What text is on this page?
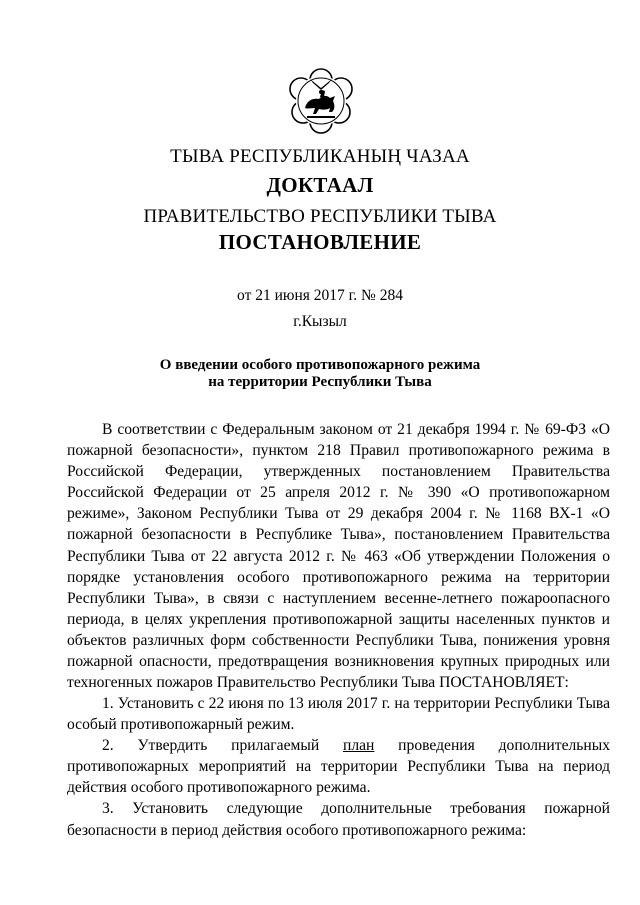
ТЫВА РЕСПУБЛИКАНЫҢ ЧАЗАА
ДОКТААЛ
ПРАВИТЕЛЬСТВО РЕСПУБЛИКИ ТЫВА
ПОСТАНОВЛЕНИЕ
от 21 июня 2017 г. № 284
г.Кызыл
О введении особого противопожарного режима
на территории Республики Тыва

В соответствии с Федеральным законом от 21 декабря 1994 г. № 69-ФЗ «О пожарной безопасности», пунктом 218 Правил противопожарного режима в Российской Федерации, утвержденных постановлением Правительства Российской Федерации от 25 апреля 2012 г. № 390 «О противопожарном режиме», Законом Республики Тыва от 29 декабря 2004 г. № 1168 ВХ-1 «О пожарной безопасности в Республике Тыва», постановлением Правительства Республики Тыва от 22 августа 2012 г. № 463 «Об утверждении Положения о порядке установления особого противопожарного режима на территории Республики Тыва», в связи с наступлением весенне-летнего пожароопасного периода, в целях укрепления противопожарной защиты населенных пунктов и объектов различных форм собственности Республики Тыва, понижения уровня пожарной опасности, предотвращения возникновения крупных природных или техногенных пожаров Правительство Республики Тыва ПОСТАНОВЛЯЕТ:

1. Установить с 22 июня по 13 июля 2017 г. на территории Республики Тыва особый противопожарный режим.

2. Утвердить прилагаемый план проведения дополнительных противопожарных мероприятий на территории Республики Тыва на период действия особого противопожарного режима.

3. Установить следующие дополнительные требования пожарной безопасности в период действия особого противопожарного режима:
